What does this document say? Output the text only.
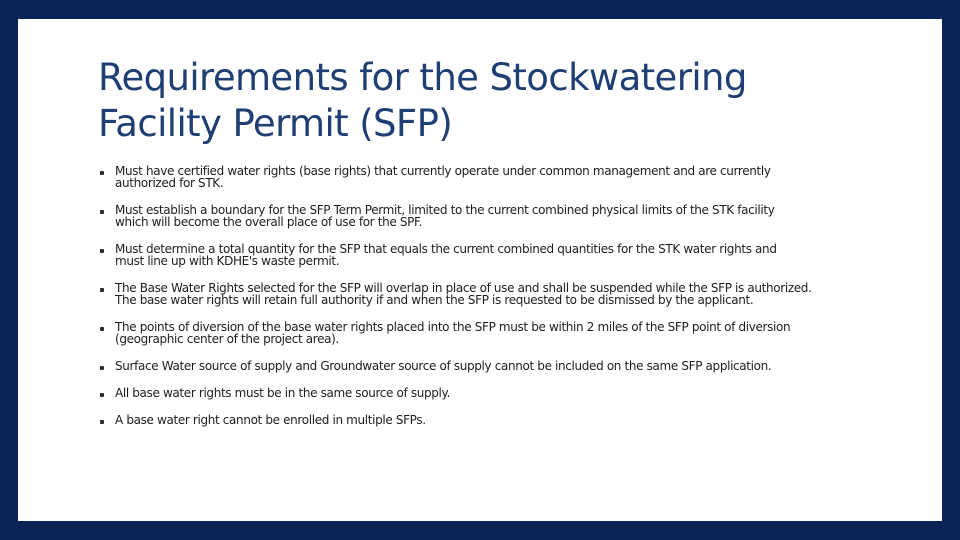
Requirements for the Stockwatering
Facility Permit (SFP)
Must have certified water rights (base rights) that currently operate under common management and are currently
authorized for STK.
Must establish a boundary for the SFP Term Permit, limited to the current combined physical limits of the STK facility
which will become the overall place of use for the SPF.
Must determine a total quantity for the SFP that equals the current combined quantities for the STK water rights and
must line up with KDHE's waste permit.
The Base Water Rights selected for the SFP will overlap in place of use and shall be suspended while the SFP is authorized.
The base water rights will retain full authority if and when the SFP is requested to be dismissed by the applicant.
The points of diversion of the base water rights placed into the SFP must be within 2 miles of the SFP point of diversion
(geographic center of the project area).
Surface Water source of supply and Groundwater source of supply cannot be included on the same SFP application.
All base water rights must be in the same source of supply.
A base water right cannot be enrolled in multiple SFPs.
